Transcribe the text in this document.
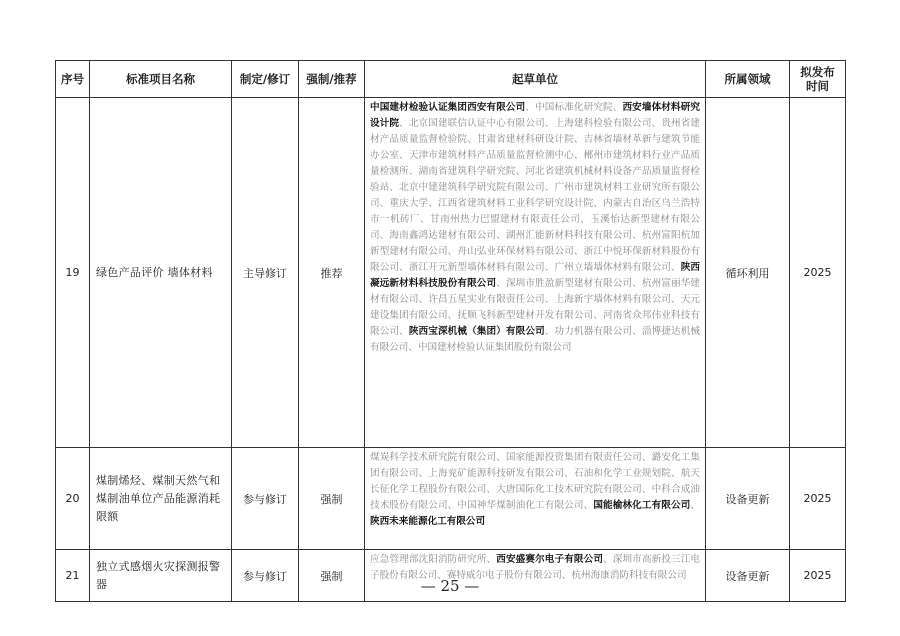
序号	标准项目名称	制定/修订	强制/推荐	起草单位	所属领域	拟发布时间
19	绿色产品评价 墙体材料	主导修订	推荐	中国建材检验认证集团西安有限公司、中国标准化研究院、西安墙体材料研究设计院、北京国建联信认证中心有限公司、上海建科检验有限公司、贵州省建材产品质量监督检验院、甘肃省建材科研设计院、吉林省墙材革新与建筑节能办公室、天津市建筑材料产品质量监督检测中心、郴州市建筑材料行业产品质量检测所、湖南省建筑科学研究院、河北省建筑机械材料设备产品质量监督检验站、北京中建建筑科学研究院有限公司、广州市建筑材料工业研究所有限公司、重庆大学、江西省建筑材料工业科学研究设计院、内蒙古自治区乌兰浩特市一机砖厂、甘南州热力巴盟建材有限责任公司、玉溪怡达新型建材有限公司、海南鑫鸿达建材有限公司、湖州汇能新材料科技有限公司、杭州富阳杭加新型建材有限公司、舟山弘业环保材料有限公司、浙江中悦环保新材料股份有限公司、浙江开元新型墙体材料有限公司、广州立墙墙体材料有限公司、陕西凝远新材料科技股份有限公司、深圳市胜盈新型建材有限公司、杭州富丽华建材有限公司、许昌五星实业有限责任公司、上海新宇墙体材料有限公司、天元建设集团有限公司、抚顺飞科新型建材开发有限公司、河南省众邦伟业科技有限公司、陕西宝深机械（集团）有限公司、功力机器有限公司、淄博捷达机械有限公司、中国建材检验认证集团股份有限公司	循环利用	2025
20	煤制烯烃、煤制天然气和煤制油单位产品能源消耗限额	参与修订	强制	煤炭科学技术研究院有限公司、国家能源投资集团有限责任公司、潞安化工集团有限公司、上海兖矿能源科技研发有限公司、石油和化学工业规划院、航天长征化学工程股份有限公司、大唐国际化工技术研究院有限公司、中科合成油技术股份有限公司、中国神华煤制油化工有限公司、国能榆林化工有限公司、陕西未来能源化工有限公司	设备更新	2025
21	独立式感烟火灾探测报警器	参与修订	强制	应急管理部沈阳消防研究所、西安盛赛尔电子有限公司、深圳市高新投三江电子股份有限公司、赛特威尔电子股份有限公司、杭州海康消防科技有限公司	设备更新	2025
— 25 —
